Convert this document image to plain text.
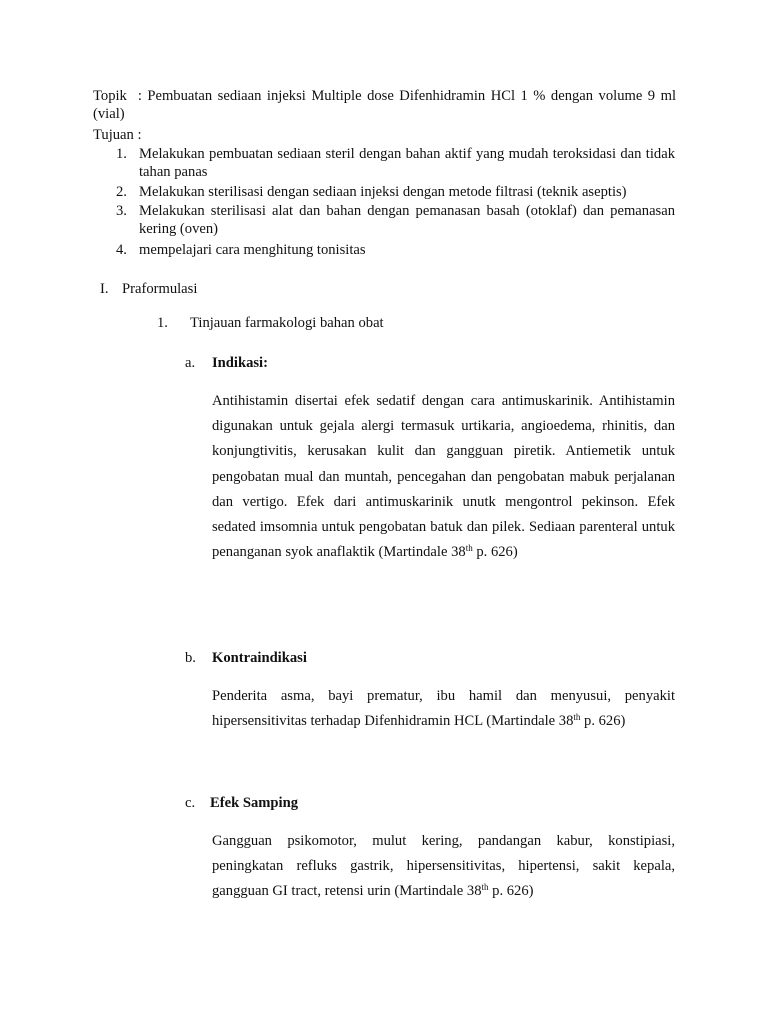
Topik : Pembuatan sediaan injeksi Multiple dose Difenhidramin HCl 1 % dengan volume 9 ml (vial)
Tujuan :
1. Melakukan pembuatan sediaan steril dengan bahan aktif yang mudah teroksidasi dan tidak tahan panas
2. Melakukan sterilisasi dengan sediaan injeksi dengan metode filtrasi (teknik aseptis)
3. Melakukan sterilisasi alat dan bahan dengan pemanasan basah (otoklaf) dan pemanasan kering (oven)
4. mempelajari cara menghitung tonisitas
I. Praformulasi
1. Tinjauan farmakologi bahan obat
a. Indikasi:
Antihistamin disertai efek sedatif dengan cara antimuskarinik. Antihistamin digunakan untuk gejala alergi termasuk urtikaria, angioedema, rhinitis, dan konjungtivitis, kerusakan kulit dan gangguan piretik. Antiemetik untuk pengobatan mual dan muntah, pencegahan dan pengobatan mabuk perjalanan dan vertigo. Efek dari antimuskarinik unutk mengontrol pekinson. Efek sedated imsomnia untuk pengobatan batuk dan pilek. Sediaan parenteral untuk penanganan syok anaflaktik (Martindale 38th p. 626)
b. Kontraindikasi
Penderita asma, bayi prematur, ibu hamil dan menyusui, penyakit hipersensitivitas terhadap Difenhidramin HCL (Martindale 38th p. 626)
c. Efek Samping
Gangguan psikomotor, mulut kering, pandangan kabur, konstipiasi, peningkatan refluks gastrik, hipersensitivitas, hipertensi, sakit kepala, gangguan GI tract, retensi urin (Martindale 38th p. 626)
